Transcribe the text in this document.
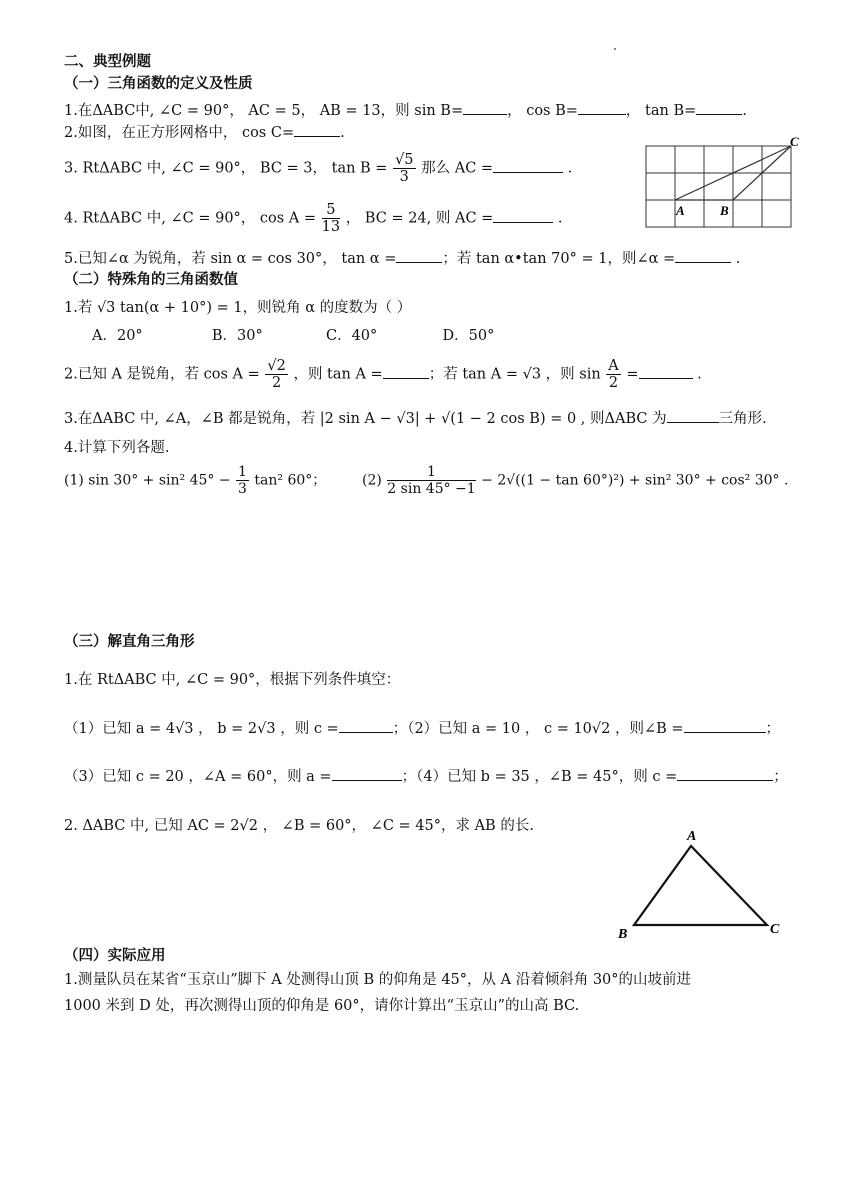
二、典型例题
（一）三角函数的定义及性质
1.在ΔABC中, ∠C = 90°， AC = 5， AB = 13，则 sin B=	， cos B=	， tan B=	.
2.如图，在正方形网格中， cos C=	.
3. RtΔABC 中, ∠C = 90°， BC = 3， $\tan B = \frac{√5}{3}$ 那么 AC =	.
4. RtΔABC 中, ∠C = 90°， $\cos A = \frac{5}{13}$ ， BC = 24, 则 AC =	.
5.已知∠α 为锐角，若 sin α = cos 30°， tan α =	；若 tan α•tan 70° = 1，则∠α =	.
A	B
C
（二）特殊角的三角函数值
1.若 √3 tan(α + 10°) = 1，则锐角 α 的度数为（ ）
A．20°	B．30°	C．40°	D．50°
2.已知 A 是锐角，若 $\cos A = \frac{√2}{2}$ ，则 tan A =	；若 tan A = √3 ，则 $\sin \frac{A}{2}$ =	.
3.在ΔABC 中, ∠A，∠B 都是锐角，若 |2 sin A − √3| + √(1 − 2 cos B) = 0 , 则ΔABC 为	三角形.
4.计算下列各题.
(1) sin 30° + sin² $45^\circ - \frac{1}{3} \tan^2$ 60°；	$(2) \frac{1}{2 \sin 45^\circ -1} - 2√((1 - \tan 60^\circ)^2) + \sin^2$ 30° + cos² 30° .
（三）解直角三角形
1.在 RtΔABC 中, ∠C = 90°，根据下列条件填空：
（1）已知 a = 4√3 ， b = 2√3 ，则 c =	；（2）已知 a = 10 ， c = 10√2 ，则∠B =	；
（3）已知 c = 20 ，∠A = 60°，则 a =	；（4）已知 b = 35 ，∠B = 45°，则 c =	；
2. ΔABC 中, 已知 AC = 2√2 ， ∠B = 60°， ∠C = 45°，求 AB 的长.
A
B	C
（四）实际应用
1.测量队员在某省“玉京山”脚下 A 处测得山顶 B 的仰角是 45°，从 A 沿着倾斜角 30°的山坡前进
1000 米到 D 处，再次测得山顶的仰角是 60°，请你计算出“玉京山”的山高 BC.
